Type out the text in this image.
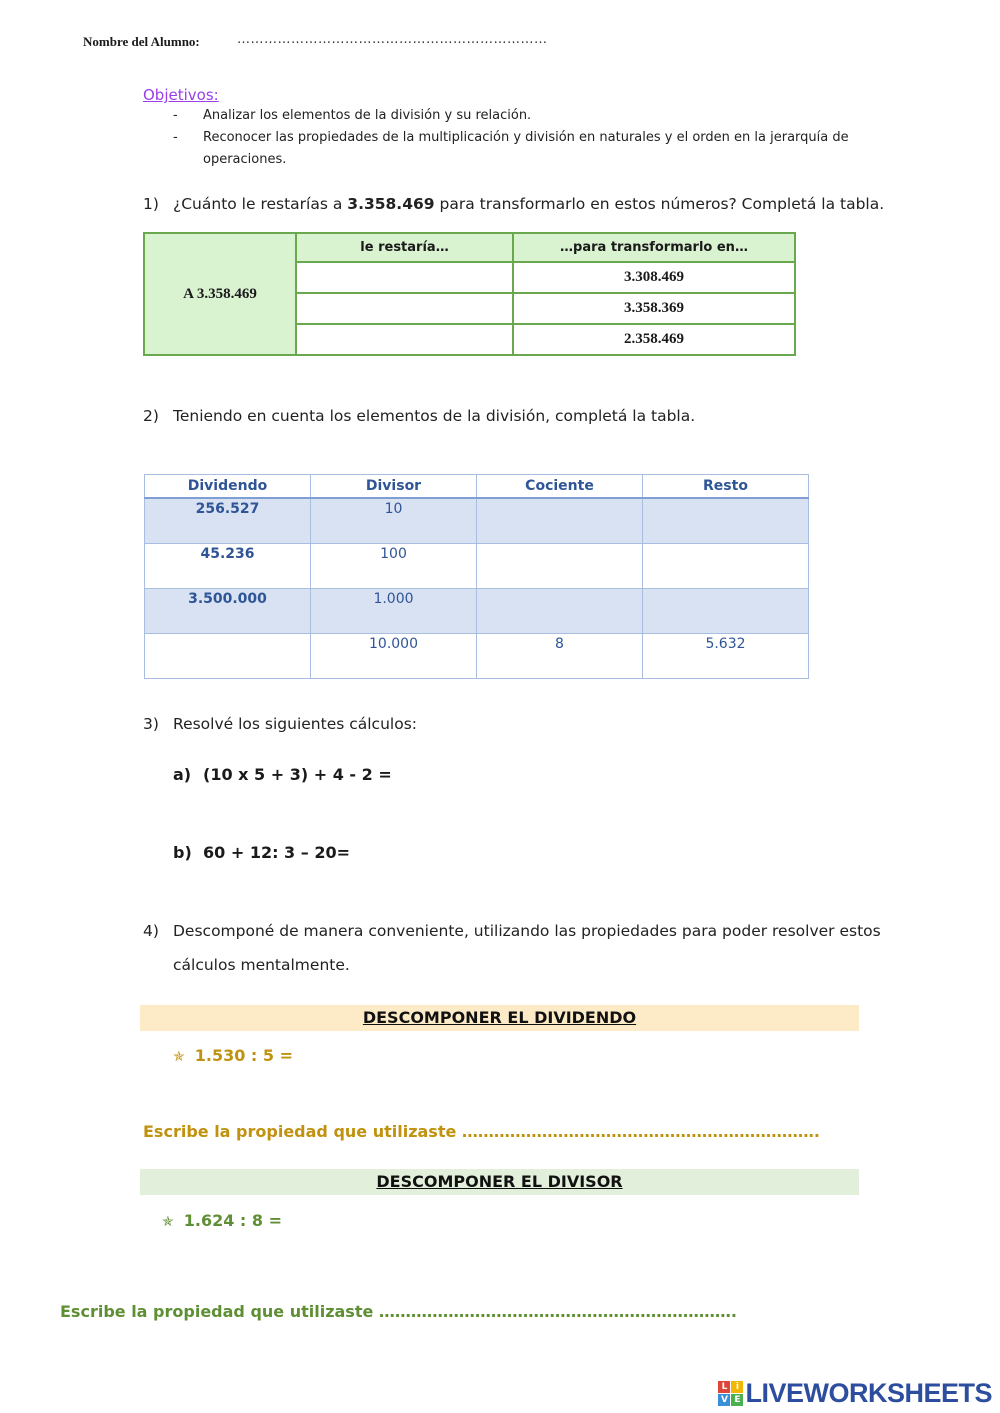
Nombre del Alumno:	……………………………………………………………
Objetivos:
- Analizar los elementos de la división y su relación.
- Reconocer las propiedades de la multiplicación y división en naturales y el orden en la jerarquía de operaciones.
1) ¿Cuánto le restarías a 3.358.469 para transformarlo en estos números? Completá la tabla.
A 3.358.469	le restaría…	…para transformarlo en…
		3.308.469
		3.358.369
		2.358.469
2) Teniendo en cuenta los elementos de la división, completá la tabla.
Dividendo	Divisor	Cociente	Resto
256.527	10		
45.236	100		
3.500.000	1.000		
	10.000	8	5.632
3) Resolvé los siguientes cálculos:
a) (10 x 5 + 3) + 4 - 2 =
b) 60 + 12: 3 – 20=
4) Descomponé de manera conveniente, utilizando las propiedades para poder resolver estos
cálculos mentalmente.
DESCOMPONER EL DIVIDENDO
✯ 1.530 : 5 =
Escribe la propiedad que utilizaste ………………………………………………………….
DESCOMPONER EL DIVISOR
✯ 1.624 : 8 =
Escribe la propiedad que utilizaste ………………………………………………………….
L i
V E LIVEWORKSHEETS
